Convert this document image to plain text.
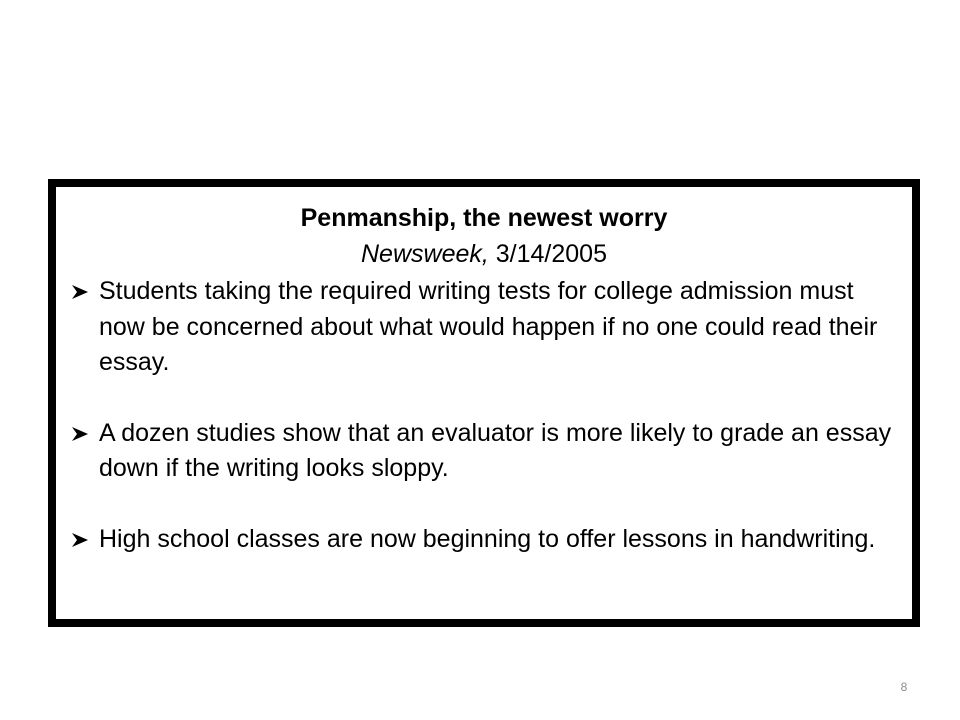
Penmanship, the newest worry
Newsweek, 3/14/2005
Students taking the required writing tests for college admission must now be concerned about what would happen if no one could read their essay.
A dozen studies show that an evaluator is more likely to grade an essay down if the writing looks sloppy.
High school classes are now beginning to offer lessons in handwriting.
8
